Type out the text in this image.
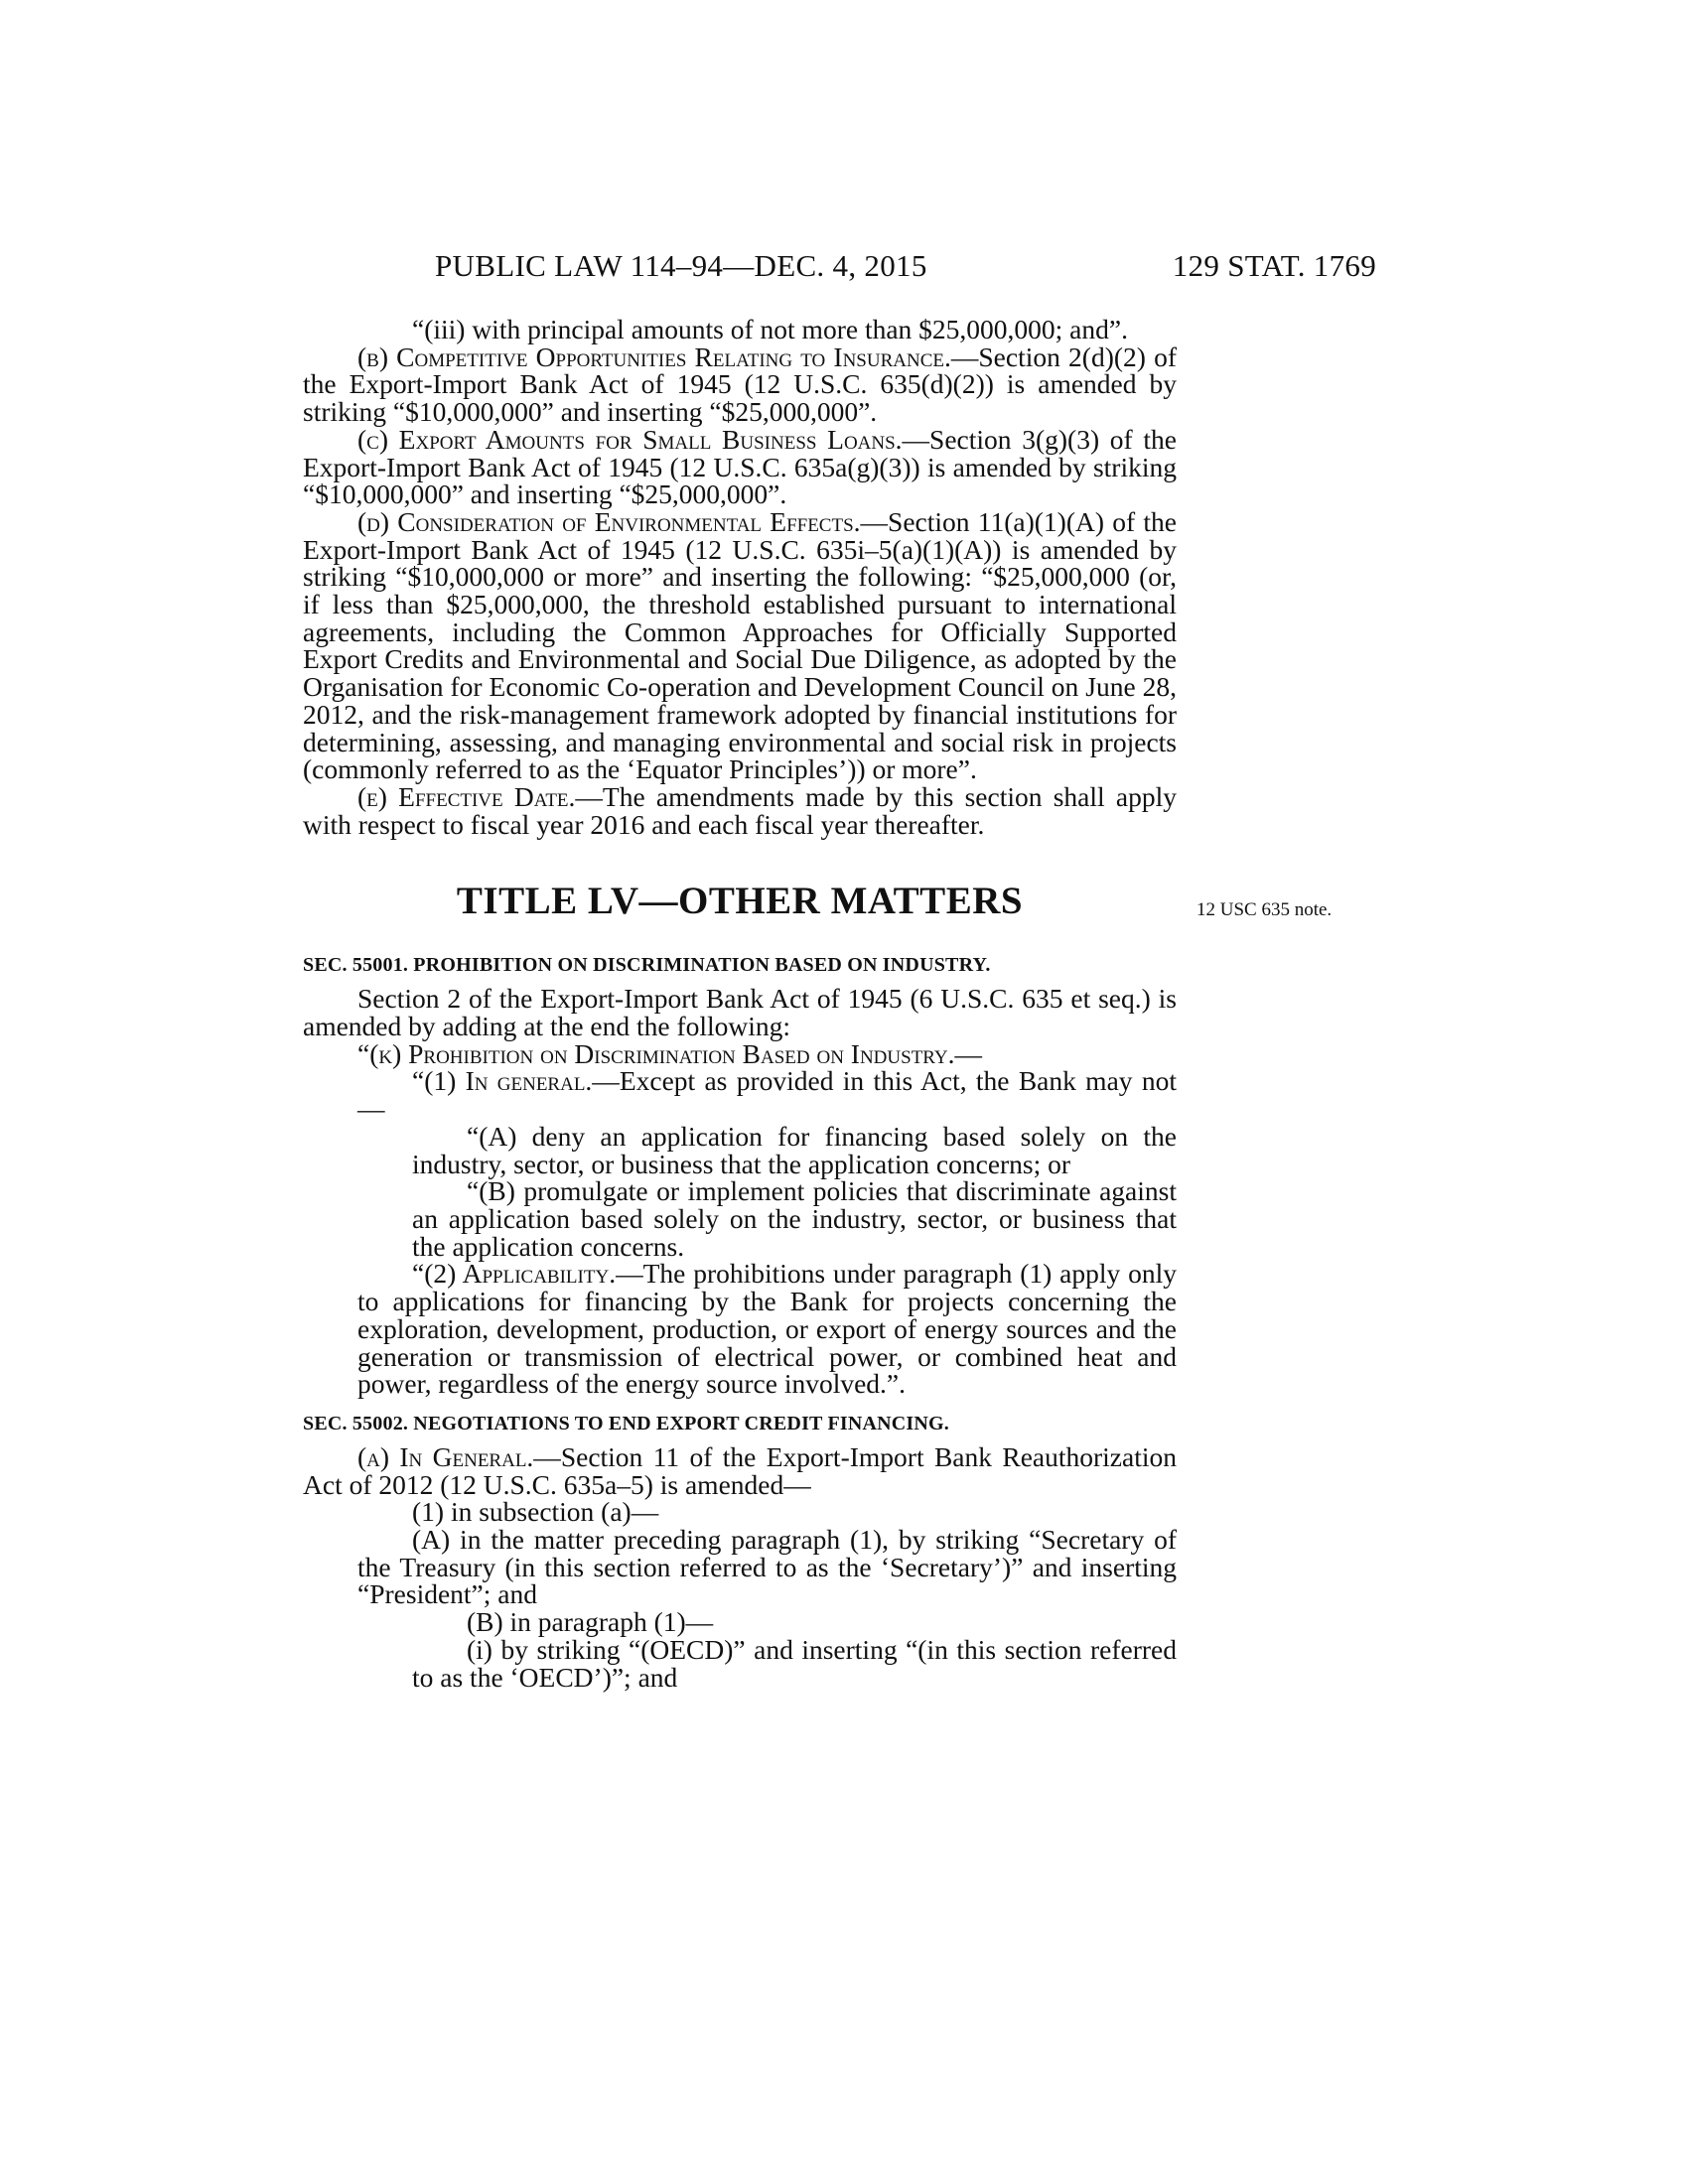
PUBLIC LAW 114–94—DEC. 4, 2015	129 STAT. 1769
12 USC 635 note.

“(iii) with principal amounts of not more than $25,000,000; and”.

(b) Competitive Opportunities Relating to Insurance.—Section 2(d)(2) of the Export-Import Bank Act of 1945 (12 U.S.C. 635(d)(2)) is amended by striking “$10,000,000” and inserting “$25,000,000”.

(c) Export Amounts for Small Business Loans.—Section 3(g)(3) of the Export-Import Bank Act of 1945 (12 U.S.C. 635a(g)(3)) is amended by striking “$10,000,000” and inserting “$25,000,000”.

(d) Consideration of Environmental Effects.—Section 11(a)(1)(A) of the Export-Import Bank Act of 1945 (12 U.S.C. 635i–5(a)(1)(A)) is amended by striking “$10,000,000 or more” and inserting the following: “$25,000,000 (or, if less than $25,000,000, the threshold established pursuant to international agreements, including the Common Approaches for Officially Supported Export Credits and Environmental and Social Due Diligence, as adopted by the Organisation for Economic Co-operation and Development Council on June 28, 2012, and the risk-management framework adopted by financial institutions for determining, assessing, and managing environmental and social risk in projects (commonly referred to as the ‘Equator Principles’)) or more”.

(e) Effective Date.—The amendments made by this section shall apply with respect to fiscal year 2016 and each fiscal year thereafter.

TITLE LV—OTHER MATTERS

SEC. 55001. PROHIBITION ON DISCRIMINATION BASED ON INDUSTRY.

Section 2 of the Export-Import Bank Act of 1945 (6 U.S.C. 635 et seq.) is amended by adding at the end the following:

“(k) Prohibition on Discrimination Based on Industry.—

“(1) In general.—Except as provided in this Act, the Bank may not—

“(A) deny an application for financing based solely on the industry, sector, or business that the application concerns; or

“(B) promulgate or implement policies that discriminate against an application based solely on the industry, sector, or business that the application concerns.

“(2) Applicability.—The prohibitions under paragraph (1) apply only to applications for financing by the Bank for projects concerning the exploration, development, production, or export of energy sources and the generation or transmission of electrical power, or combined heat and power, regardless of the energy source involved.”.

SEC. 55002. NEGOTIATIONS TO END EXPORT CREDIT FINANCING.

(a) In General.—Section 11 of the Export-Import Bank Reauthorization Act of 2012 (12 U.S.C. 635a–5) is amended—

(1) in subsection (a)—

(A) in the matter preceding paragraph (1), by striking “Secretary of the Treasury (in this section referred to as the ‘Secretary’)” and inserting “President”; and

(B) in paragraph (1)—

(i) by striking “(OECD)” and inserting “(in this section referred to as the ‘OECD’)”; and
